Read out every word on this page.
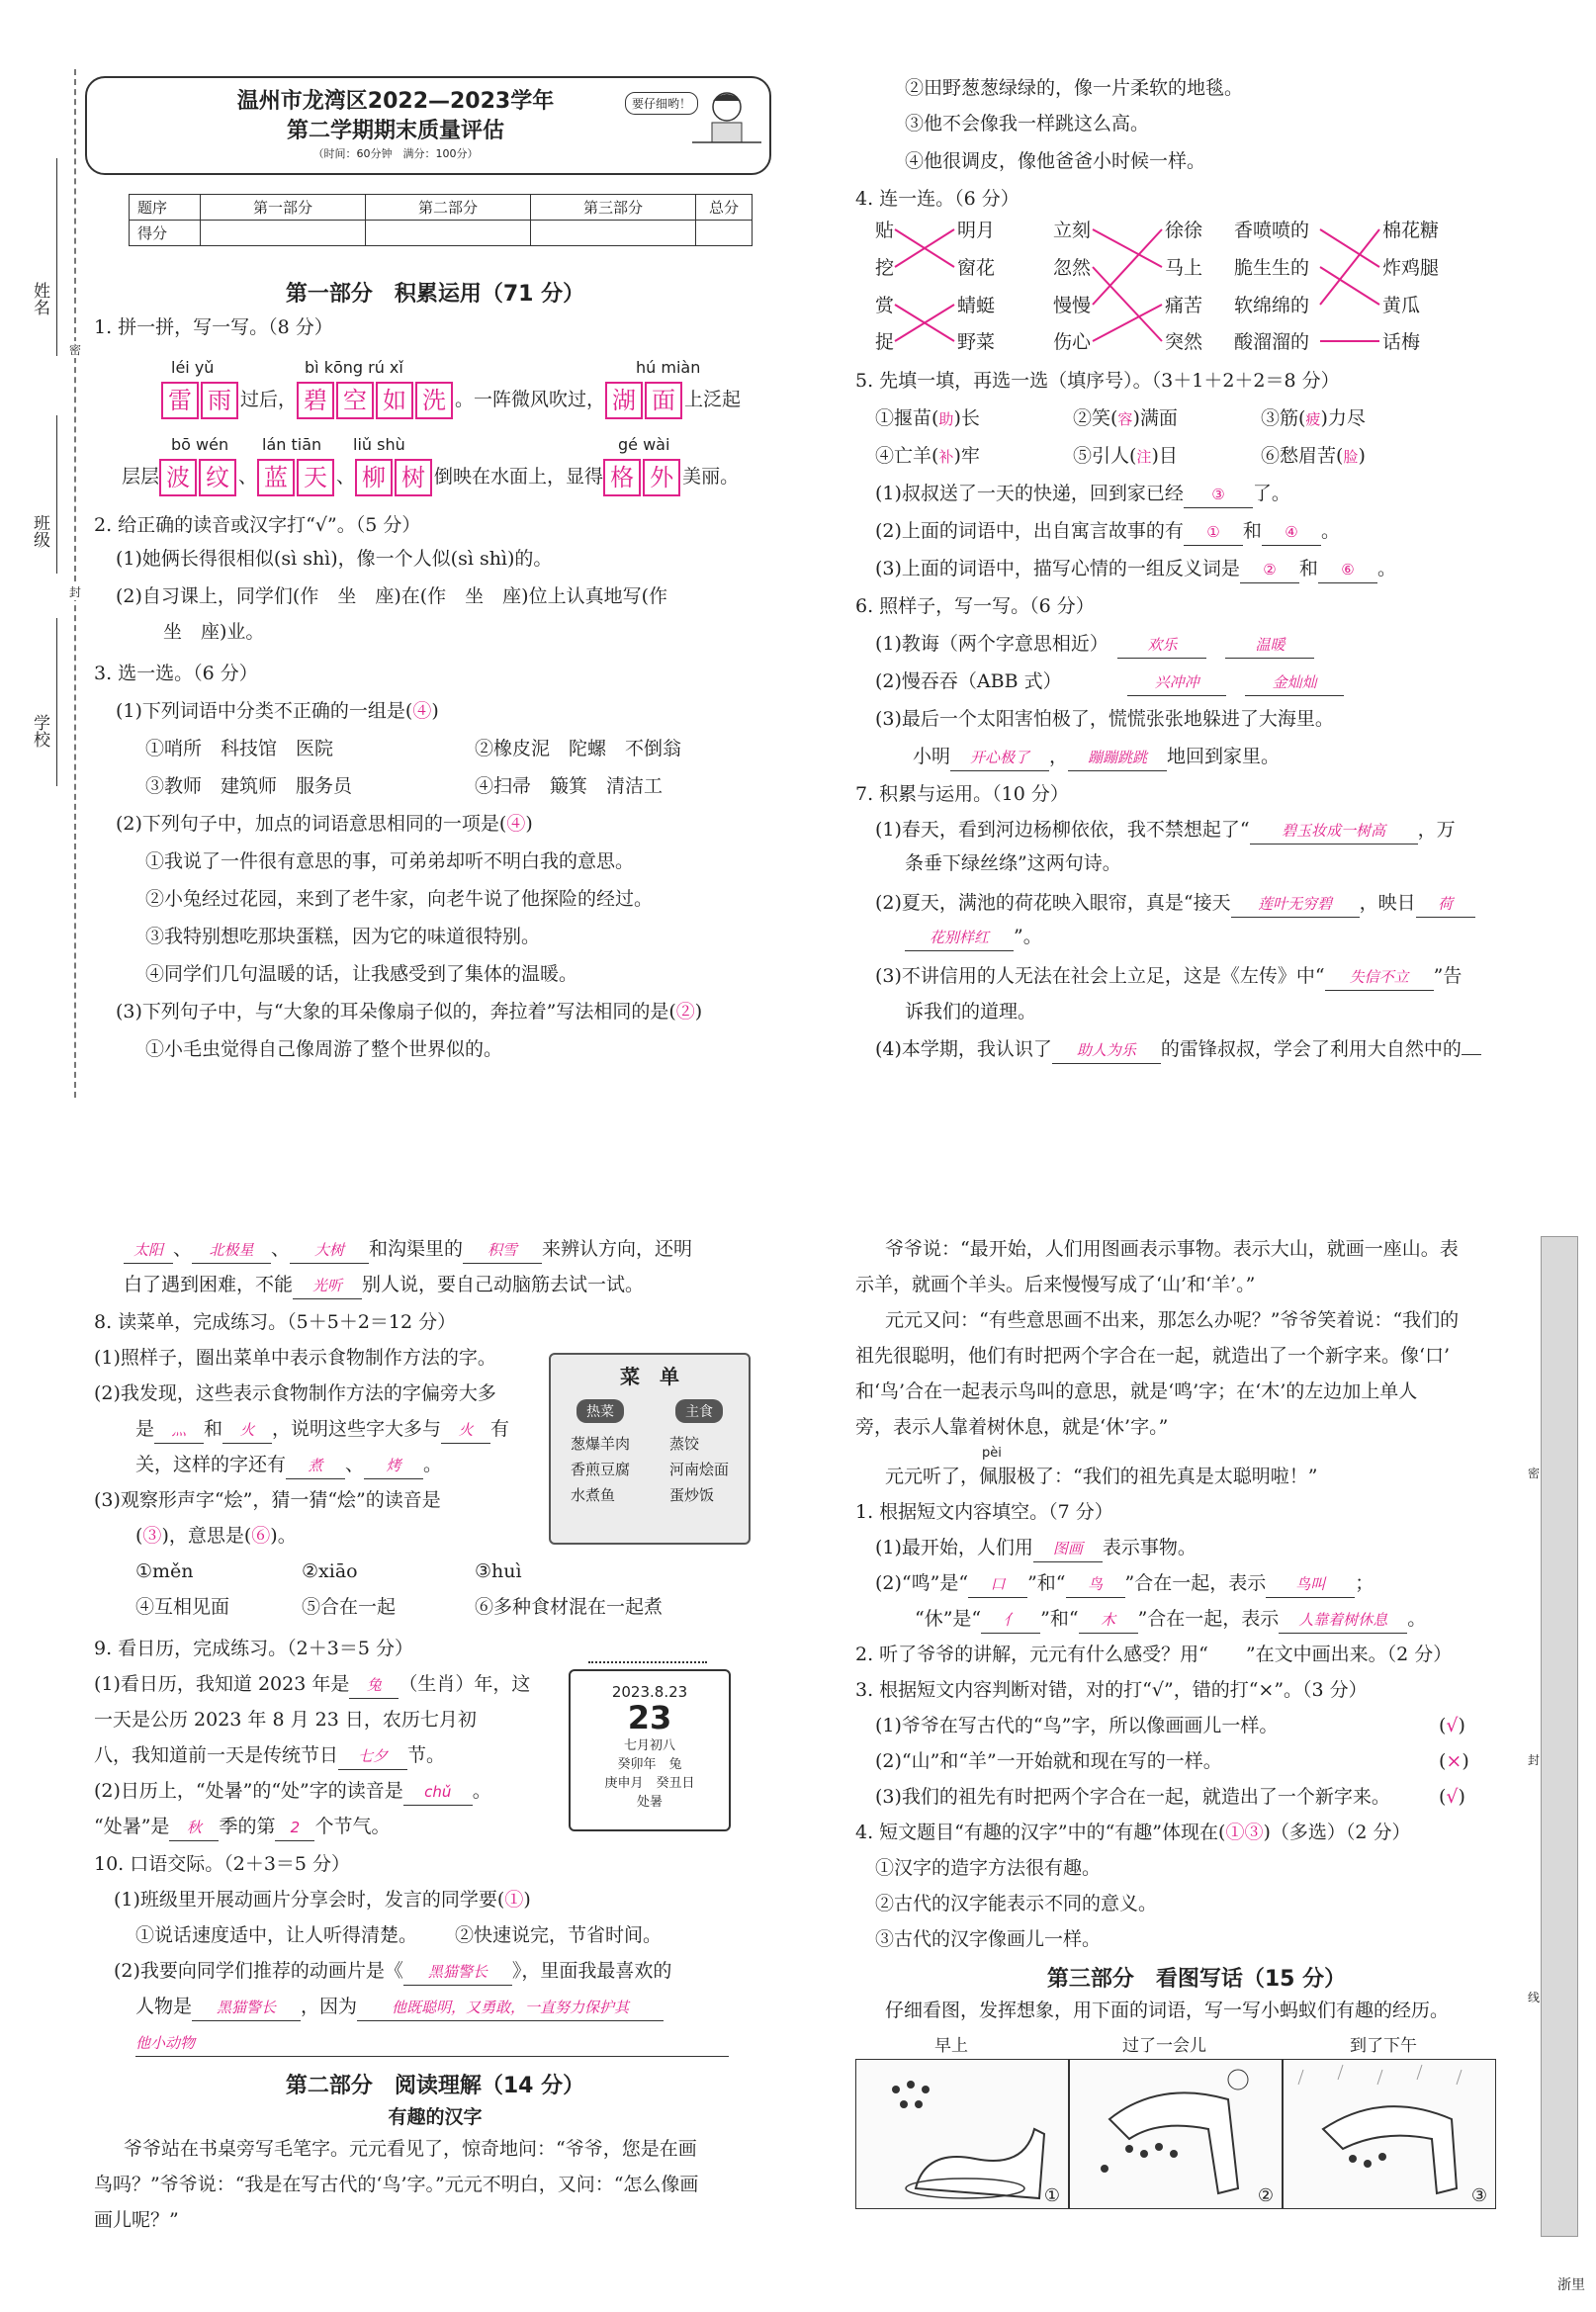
姓名
班级
学校
密
封
温州市龙湾区2022—2023学年
第二学期期末质量评估
（时间：60分钟　满分：100分）
要仔细哟！
题序	第一部分	第二部分	第三部分	总分
得分				
第一部分　积累运用（71 分）
1. 拼一拼，写一写。（8 分）
léi yǔ	bì kōng rú xǐ	hú miàn
雷 雨 过后， 碧 空 如 洗 。一阵微风吹过， 湖 面 上泛起
bō wén lán tiān liǔ shù	gé wài
层层 波 纹 、 蓝 天 、 柳 树 倒映在水面上，显得 格 外 美丽。
2. 给正确的读音或汉字打“√”。（5 分）
(1)她俩长得很相似(sì shì)，像一个人似(sì shì)的。
(2)自习课上，同学们(作　坐　座)在(作　坐　座)位上认真地写(作
坐　座)业。
3. 选一选。（6 分）
(1)下列词语中分类不正确的一组是(④)
①哨所　科技馆　医院	②橡皮泥　陀螺　不倒翁
③教师　建筑师　服务员	④扫帚　簸箕　清洁工
(2)下列句子中，加点的词语意思相同的一项是(④)
①我说了一件很有意思的事，可弟弟却听不明白我的意思。
②小兔经过花园，来到了老牛家，向老牛说了他探险的经过。
③我特别想吃那块蛋糕，因为它的味道很特别。
④同学们几句温暖的话，让我感受到了集体的温暖。
(3)下列句子中，与“大象的耳朵像扇子似的，奔拉着”写法相同的是(②)
①小毛虫觉得自己像周游了整个世界似的。
②田野葱葱绿绿的，像一片柔软的地毯。
③他不会像我一样跳这么高。
④他很调皮，像他爸爸小时候一样。
4. 连一连。（6 分）
贴
挖
赏
捉
明月
窗花
蜻蜓
野菜
立刻
忽然
慢慢
伤心
徐徐
马上
痛苦
突然
香喷喷的
脆生生的
软绵绵的
酸溜溜的
棉花糖
炸鸡腿
黄瓜
话梅
5. 先填一填，再选一选（填序号）。（3＋1＋2＋2＝8 分）
①揠苗(助)长	②笑(容)满面	③筋(疲)力尽
④亡羊(补)牢	⑤引人(注)目	⑥愁眉苦(脸)
(1)叔叔送了一天的快递，回到家已经 ③ 了。
(2)上面的词语中，出自寓言故事的有 ① 和 ④ 。
(3)上面的词语中，描写心情的一组反义词是 ② 和 ⑥ 。
6. 照样子，写一写。（6 分）
(1)教诲（两个字意思相近）　	欢乐　	温暖
(2)慢吞吞（ABB 式）　　　　	兴冲冲　	金灿灿
(3)最后一个太阳害怕极了，慌慌张张地躲进了大海里。
小明 开心极了 ， 蹦蹦跳跳 地回到家里。
7. 积累与运用。（10 分）
(1)春天，看到河边杨柳依依，我不禁想起了“ 碧玉妆成一树高 ，万
条垂下绿丝绦”这两句诗。
(2)夏天，满池的荷花映入眼帘，真是“接天 莲叶无穷碧 ，映日 荷
花别样红 ”。
(3)不讲信用的人无法在社会上立足，这是《左传》中“ 失信不立 ”告
诉我们的道理。
(4)本学期，我认识了 助人为乐 的雷锋叔叔，学会了利用大自然中的
太阳 、 北极星 、 大树 和沟渠里的 积雪 来辨认方向，还明
白了遇到困难，不能 光听 别人说，要自己动脑筋去试一试。
8. 读菜单，完成练习。（5＋5＋2＝12 分）
(1)照样子，圈出菜单中表示食物制作方法的字。
(2)我发现，这些表示食物制作方法的字偏旁大多
是 灬 和 火 ，说明这些字大多与 火 有
关，这样的字还有 煮 、 烤 。
(3)观察形声字“烩”，猜一猜“烩”的读音是
(③)，意思是(⑥)。
①měn	②xiāo	③huì
④互相见面	⑤合在一起	⑥多种食材混在一起煮
菜　单
热菜	主食
葱爆羊肉
香煎豆腐
水煮鱼
蒸饺
河南烩面
蛋炒饭
9. 看日历，完成练习。（2＋3＝5 分）
(1)看日历，我知道 2023 年是 兔 （生肖）年，这
一天是公历 2023 年 8 月 23 日，农历七月初
八，我知道前一天是传统节日 七夕 节。
(2)日历上，“处暑”的“处”字的读音是 chǔ 。
“处暑”是 秋 季的第 2 个节气。
2023.8.23
23
七月初八
癸卯年　兔
庚申月　癸丑日
处暑
10. 口语交际。（2＋3＝5 分）
(1)班级里开展动画片分享会时，发言的同学要(①)
①说话速度适中，让人听得清楚。	②快速说完，节省时间。
(2)我要向同学们推荐的动画片是《 黑猫警长 》，里面我最喜欢的
人物是 黑猫警长 ，因为 他既聪明，又勇敢，一直努力保护其
他小动物
第二部分　阅读理解（14 分）
有趣的汉字
爷爷站在书桌旁写毛笔字。元元看见了，惊奇地问：“爷爷，您是在画
鸟吗？”爷爷说：“我是在写古代的‘鸟’字。”元元不明白，又问：“怎么像画
画儿呢？”
爷爷说：“最开始，人们用图画表示事物。表示大山，就画一座山。表
示羊，就画个羊头。后来慢慢写成了‘山’和‘羊’。”
元元又问：“有些意思画不出来，那怎么办呢？”爷爷笑着说：“我们的
祖先很聪明，他们有时把两个字合在一起，就造出了一个新字来。像‘口’
和‘鸟’合在一起表示鸟叫的意思，就是‘鸣’字；在‘木’的左边加上单人
旁，表示人靠着树休息，就是‘休’字。”
pèi
元元听了，佩服极了：“我们的祖先真是太聪明啦！”
1. 根据短文内容填空。（7 分）
(1)最开始，人们用 图画 表示事物。
(2)“鸣”是“ 口 ”和“ 鸟 ”合在一起，表示 鸟叫 ；
“休”是“ 亻 ”和“ 木 ”合在一起，表示 人靠着树休息 。
2. 听了爷爷的讲解，元元有什么感受？用“　　”在文中画出来。（2 分）
3. 根据短文内容判断对错，对的打“√”，错的打“×”。（3 分）
(1)爷爷在写古代的“鸟”字，所以像画画儿一样。	(√)
(2)“山”和“羊”一开始就和现在写的一样。	(×)
(3)我们的祖先有时把两个字合在一起，就造出了一个新字来。	(√)
4. 短文题目“有趣的汉字”中的“有趣”体现在(①③)（多选）（2 分）
①汉字的造字方法很有趣。
②古代的汉字能表示不同的意义。
③古代的汉字像画儿一样。
第三部分　看图写话（15 分）
仔细看图，发挥想象，用下面的词语，写一写小蚂蚁们有趣的经历。
早上	过了一会儿	到了下午
①	②	③
密
封
线
浙里
